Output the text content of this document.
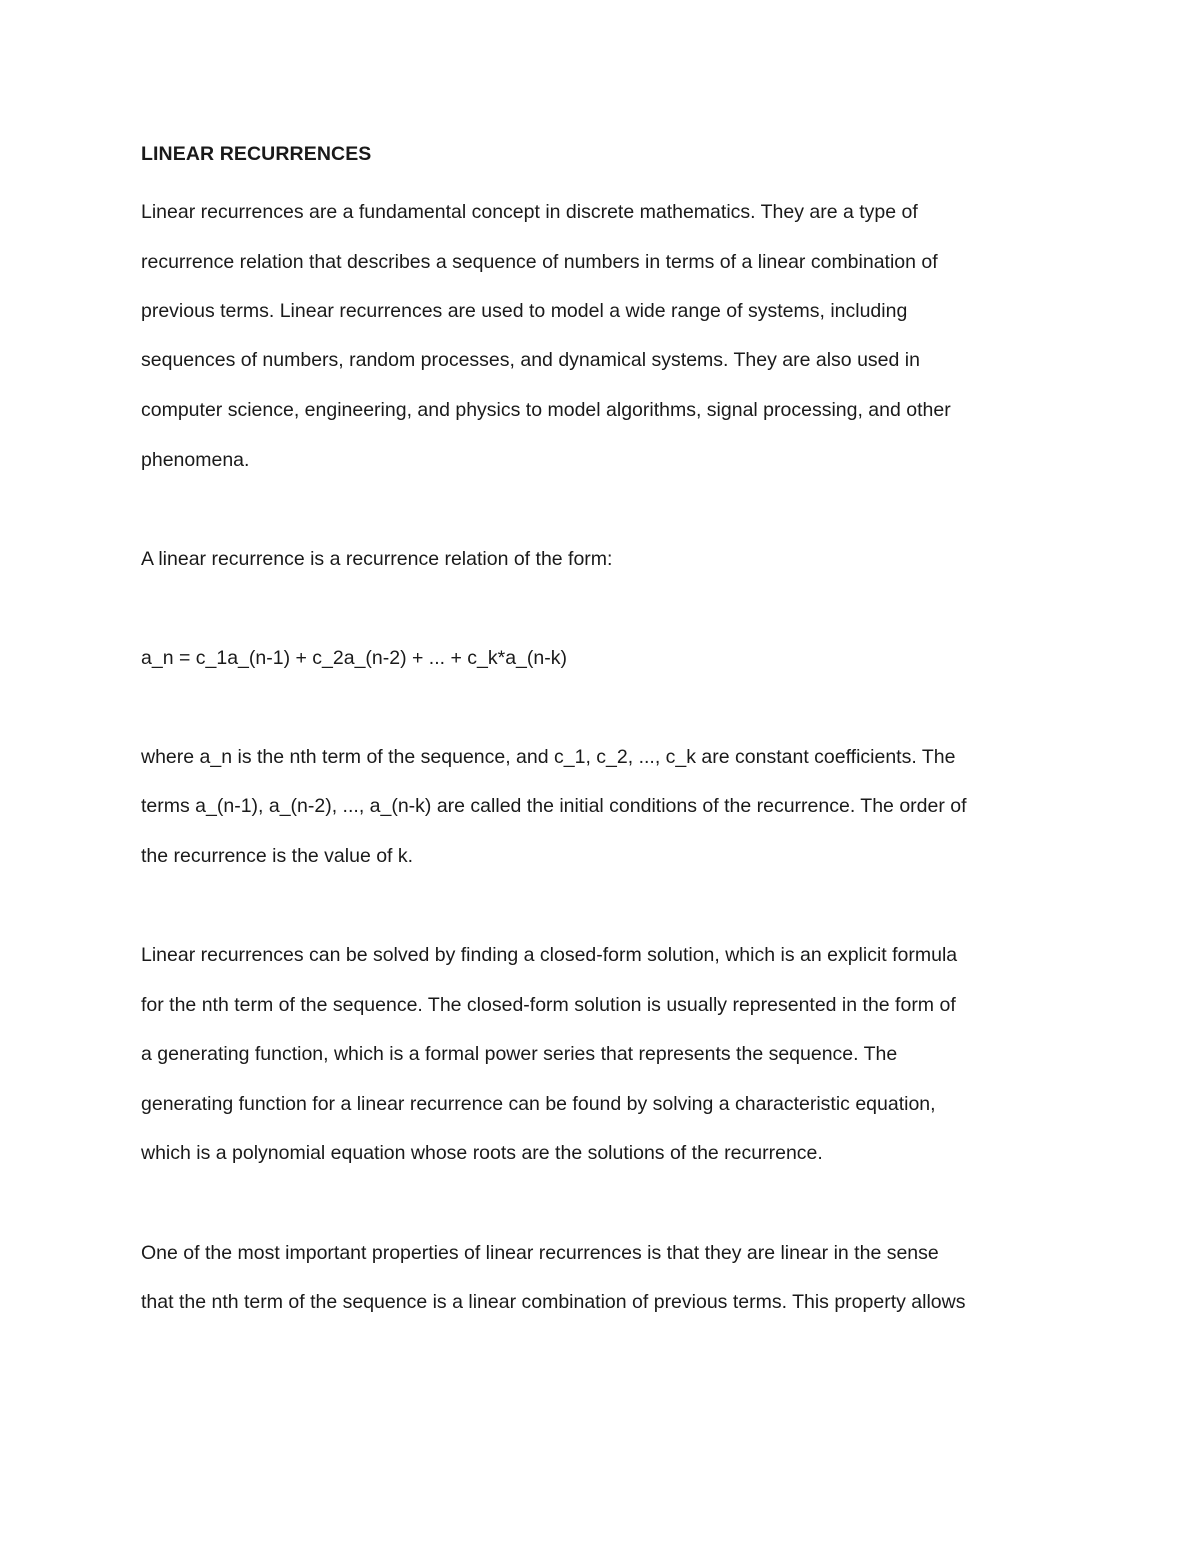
LINEAR RECURRENCES
Linear recurrences are a fundamental concept in discrete mathematics. They are a type of
recurrence relation that describes a sequence of numbers in terms of a linear combination of
previous terms. Linear recurrences are used to model a wide range of systems, including
sequences of numbers, random processes, and dynamical systems. They are also used in
computer science, engineering, and physics to model algorithms, signal processing, and other
phenomena.
A linear recurrence is a recurrence relation of the form:
a_n = c_1a_(n-1) + c_2a_(n-2) + ... + c_k*a_(n-k)
where a_n is the nth term of the sequence, and c_1, c_2, ..., c_k are constant coefficients. The
terms a_(n-1), a_(n-2), ..., a_(n-k) are called the initial conditions of the recurrence. The order of
the recurrence is the value of k.
Linear recurrences can be solved by finding a closed-form solution, which is an explicit formula
for the nth term of the sequence. The closed-form solution is usually represented in the form of
a generating function, which is a formal power series that represents the sequence. The
generating function for a linear recurrence can be found by solving a characteristic equation,
which is a polynomial equation whose roots are the solutions of the recurrence.
One of the most important properties of linear recurrences is that they are linear in the sense
that the nth term of the sequence is a linear combination of previous terms. This property allows
